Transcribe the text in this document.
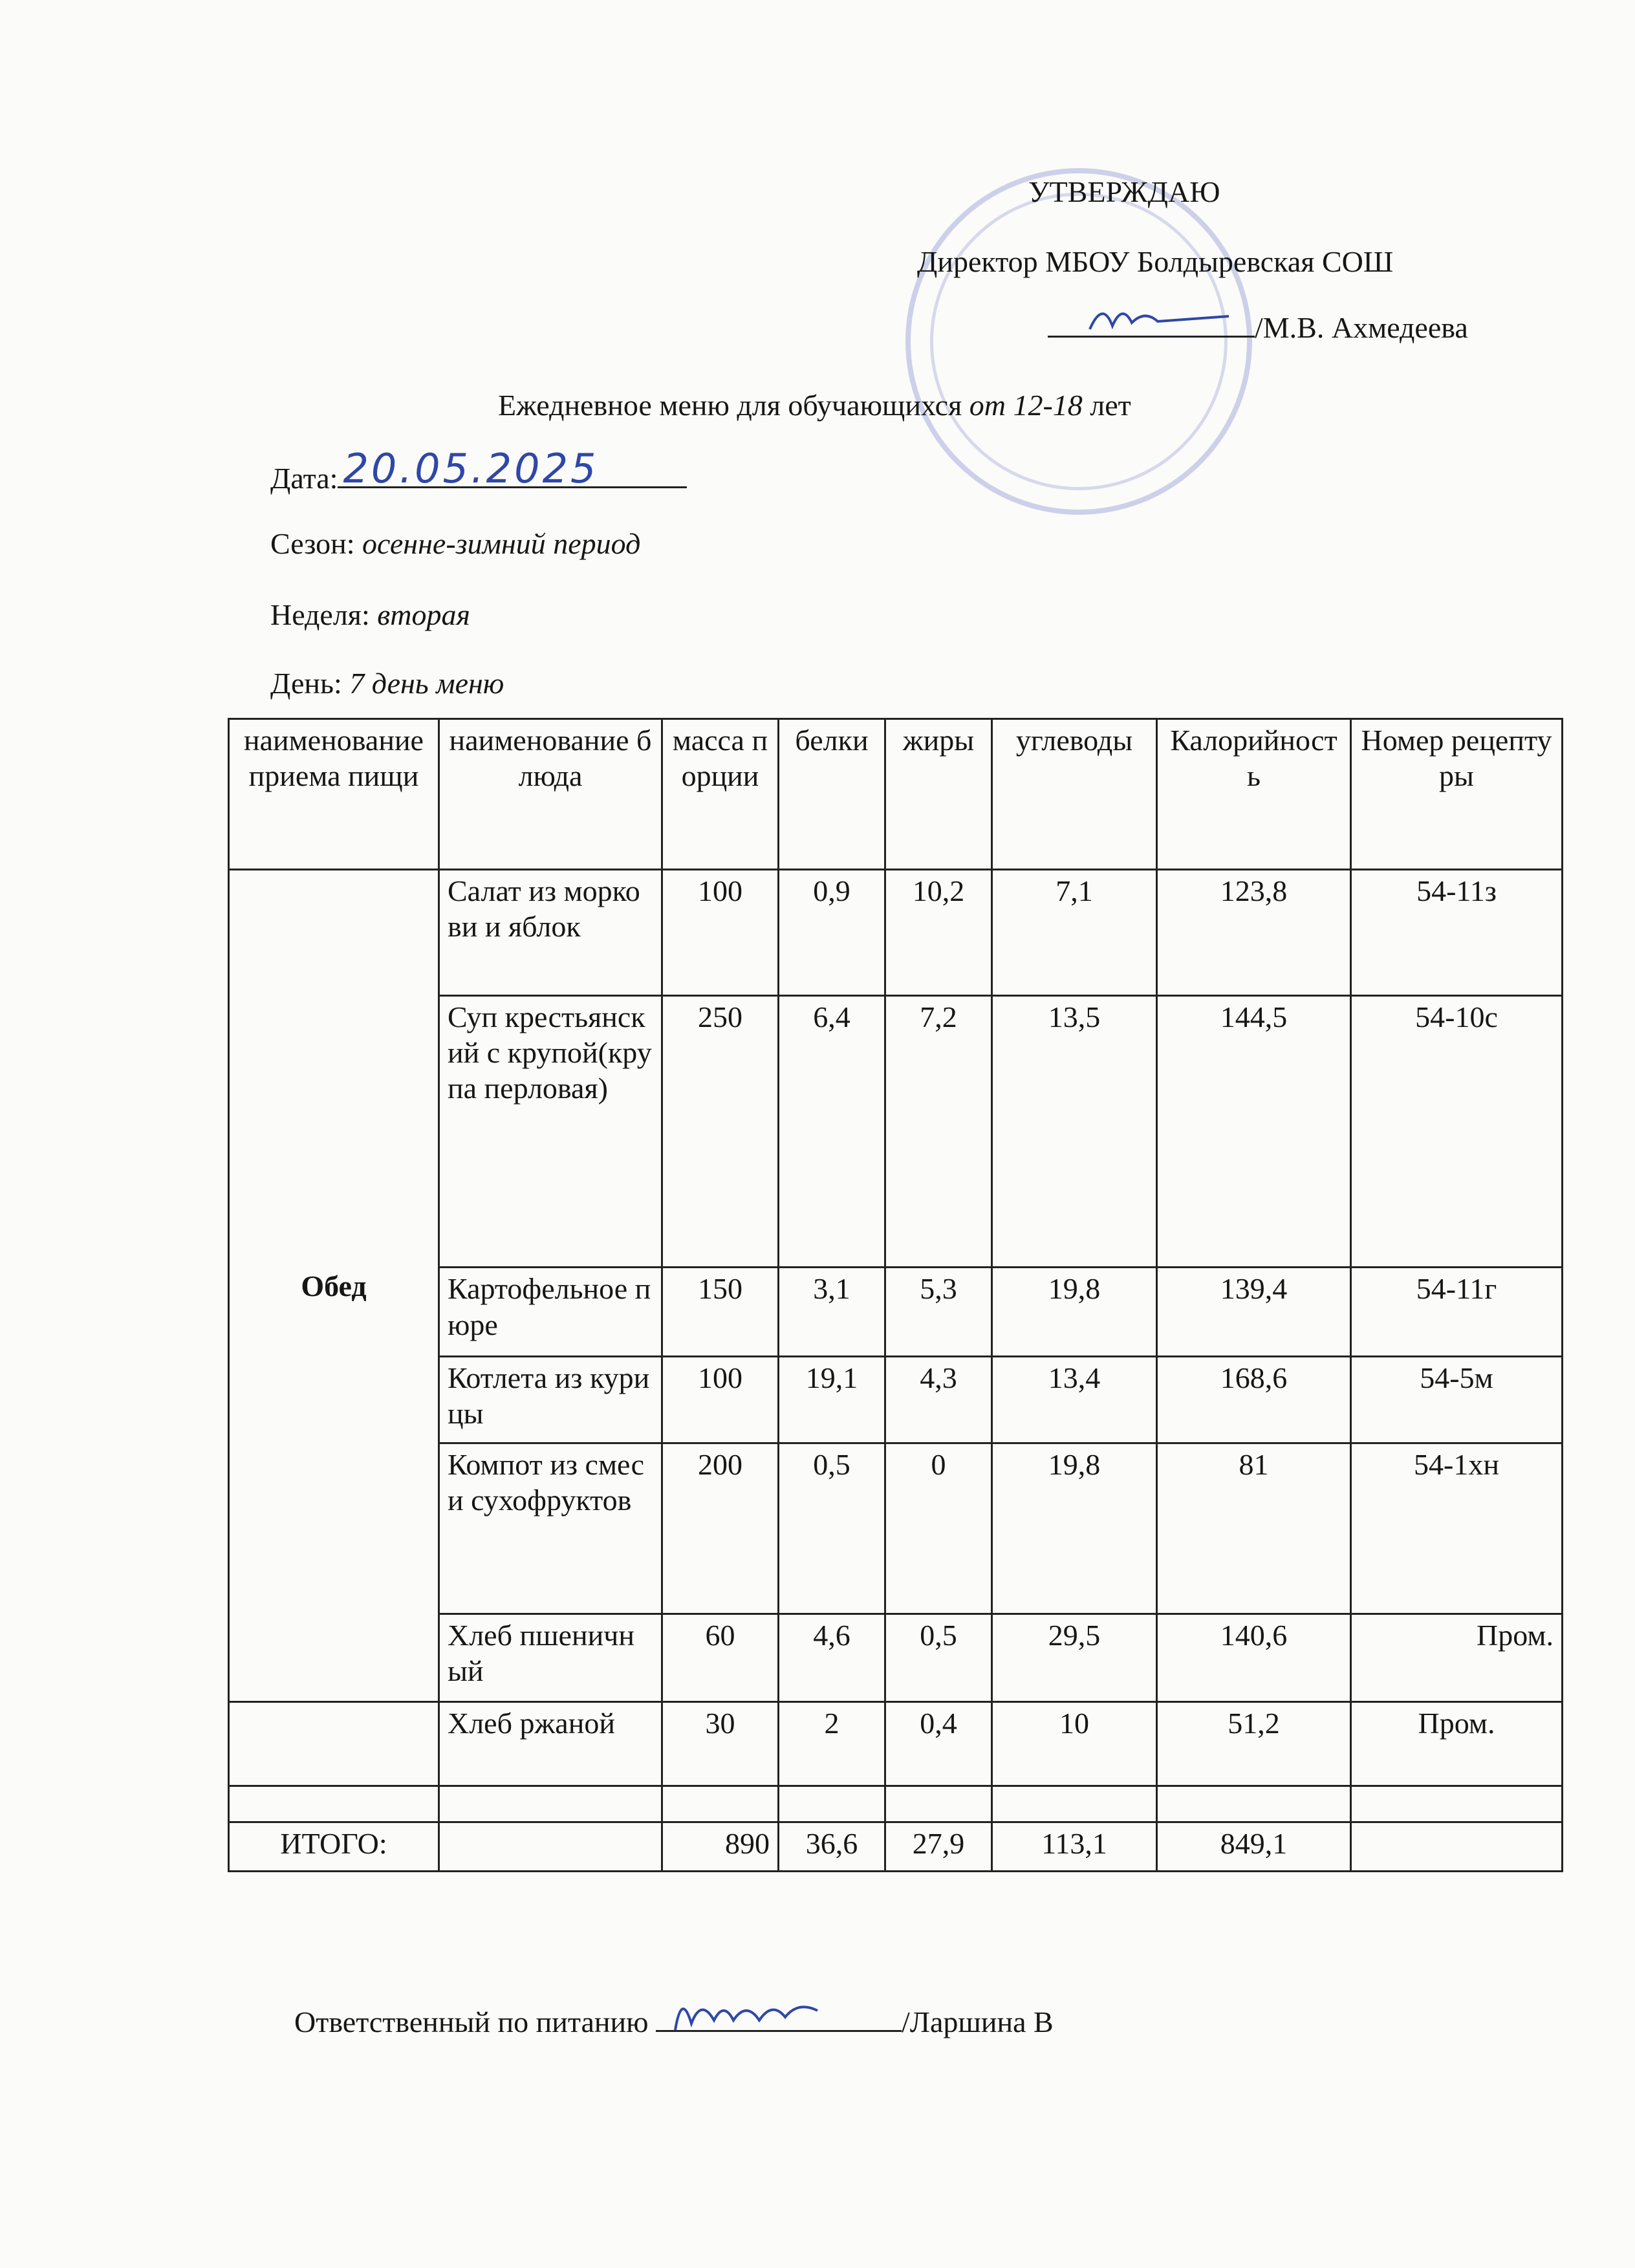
УТВЕРЖДАЮ
Директор МБОУ Болдыревская СОШ
/М.В. Ахмедеева
Ежедневное меню для обучающихся от 12-18 лет
Дата: 20.05.2025
Сезон: осенне-зимний период
Неделя: вторая
День: 7 день меню
наименование приема пищи	наименование блюда	масса порции	белки	жиры	углеводы	Калорийность	Номер рецептуры
Обед	Салат из моркови и яблок	100	0,9	10,2	7,1	123,8	54-11з
	Суп крестьянский с крупой(крупа перловая)	250	6,4	7,2	13,5	144,5	54-10с
	Картофельное пюре	150	3,1	5,3	19,8	139,4	54-11г
	Котлета из курицы	100	19,1	4,3	13,4	168,6	54-5м
	Компот из смеси сухофруктов	200	0,5	0	19,8	81	54-1хн
	Хлеб пшеничный	60	4,6	0,5	29,5	140,6	Пром.
	Хлеб ржаной	30	2	0,4	10	51,2	Пром.

ИТОГО:		890	36,6	27,9	113,1	849,1	
Ответственный по питанию	/Ларшина В
